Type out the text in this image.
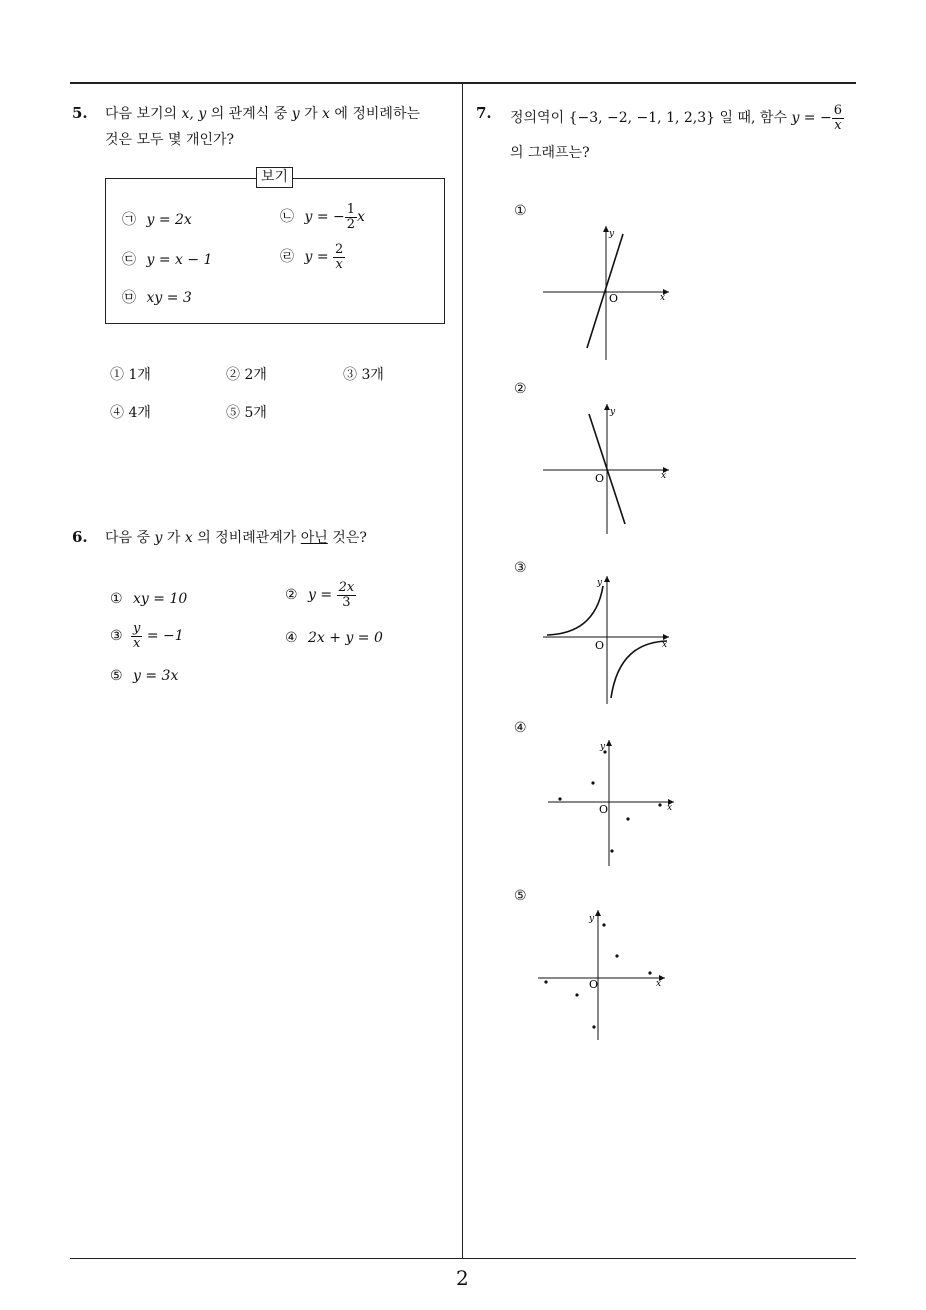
2
5. 다음 보기의 x, y 의 관계식 중 y 가 x 에 정비례하는
것은 모두 몇 개인가?
보기
㉠ y = 2x	㉡ y = − $\frac{1}{2}$ x
㉢ y = x − 1	㉣ $y = \frac{2}{x}$
㉤ xy = 3
① 1개	② 2개	③ 3개
④ 4개	⑤ 5개
6. 다음 중 y 가 x 의 정비례관계가 아닌 것은?
① xy = 10	② $y = \frac{2x}{3}$
③ $\frac{y}{x} = -1$	④ 2x + y = 0
⑤ y = 3x
7. 정의역이 {−3, −2, −1, 1, 2,3} 일 때, 함수 y = − $\frac{6}{x}$
의 그래프는?
①
②
③
④
⑤
O	x
y
O	x
y
O	x
y
O	x
y
O	x
y
